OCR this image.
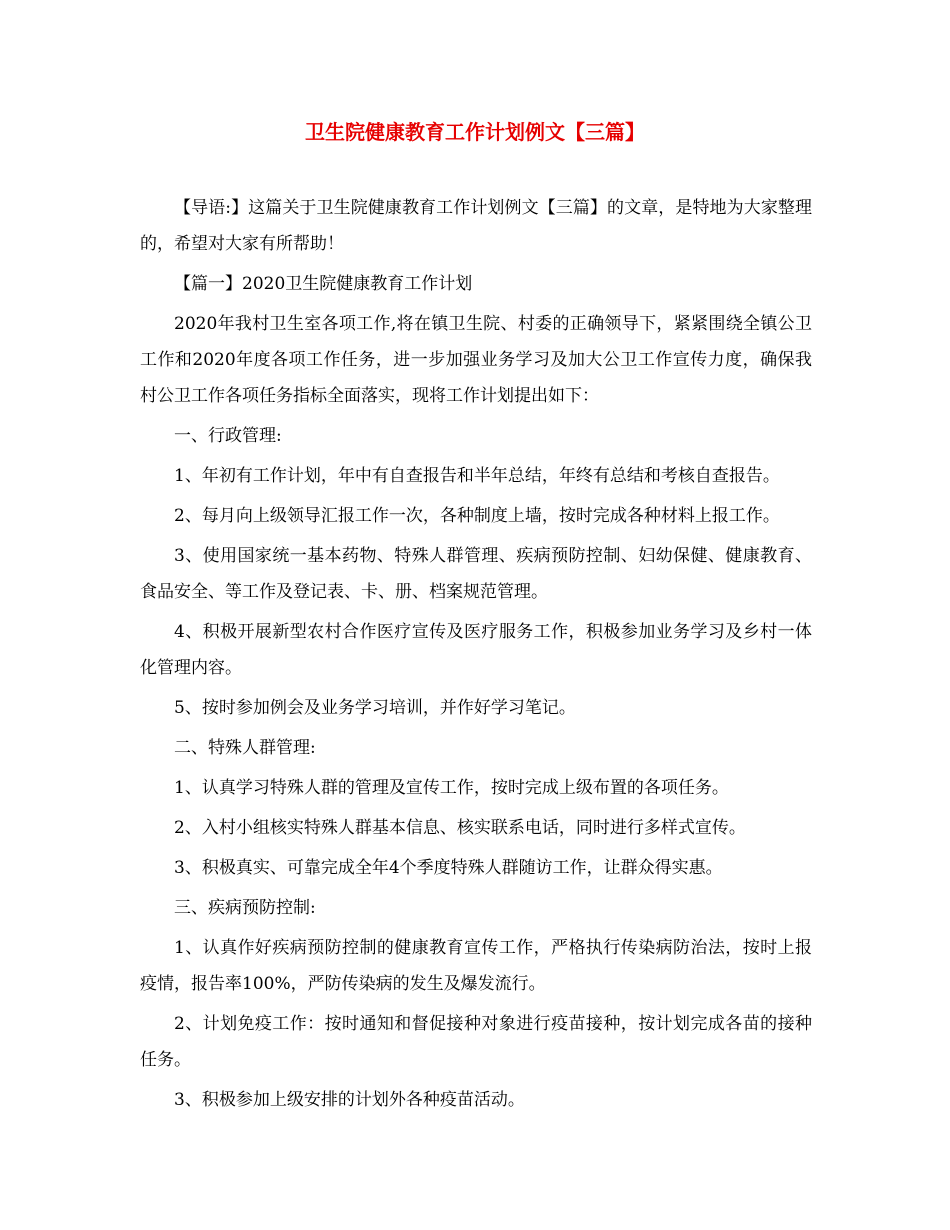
卫生院健康教育工作计划例文【三篇】

【导语:】这篇关于卫生院健康教育工作计划例文【三篇】的文章，是特地为大家整理的，希望对大家有所帮助！

【篇一】2020卫生院健康教育工作计划

2020年我村卫生室各项工作,将在镇卫生院、村委的正确领导下，紧紧围绕全镇公卫工作和2020年度各项工作任务，进一步加强业务学习及加大公卫工作宣传力度，确保我村公卫工作各项任务指标全面落实，现将工作计划提出如下：

一、行政管理:

1、年初有工作计划，年中有自查报告和半年总结，年终有总结和考核自查报告。

2、每月向上级领导汇报工作一次，各种制度上墙，按时完成各种材料上报工作。

3、使用国家统一基本药物、特殊人群管理、疾病预防控制、妇幼保健、健康教育、食品安全、等工作及登记表、卡、册、档案规范管理。

4、积极开展新型农村合作医疗宣传及医疗服务工作，积极参加业务学习及乡村一体化管理内容。

5、按时参加例会及业务学习培训，并作好学习笔记。

二、特殊人群管理:

1、认真学习特殊人群的管理及宣传工作，按时完成上级布置的各项任务。

2、入村小组核实特殊人群基本信息、核实联系电话，同时进行多样式宣传。

3、积极真实、可靠完成全年4个季度特殊人群随访工作，让群众得实惠。

三、疾病预防控制:

1、认真作好疾病预防控制的健康教育宣传工作，严格执行传染病防治法，按时上报疫情，报告率100%，严防传染病的发生及爆发流行。

2、计划免疫工作：按时通知和督促接种对象进行疫苗接种，按计划完成各苗的接种任务。

3、积极参加上级安排的计划外各种疫苗活动。
